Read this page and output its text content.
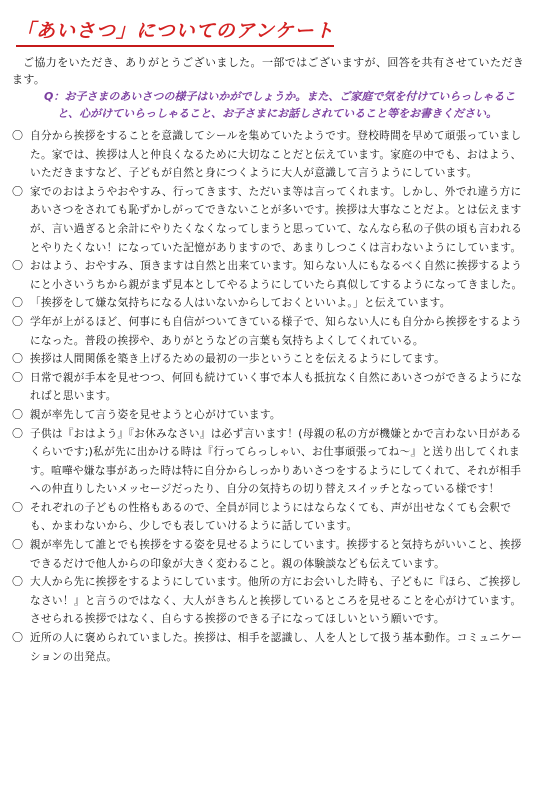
「あいさつ」についてのアンケート

ご協力をいただき、ありがとうございました。一部ではございますが、回答を共有させていただきます。

Q：お子さまのあいさつの様子はいかがでしょうか。また、ご家庭で気を付けていらっしゃること、心がけていらっしゃること、お子さまにお話しされていること等をお書きください。

〇 自分から挨拶をすることを意識してシールを集めていたようです。登校時間を早めて頑張っていました。家では、挨拶は人と仲良くなるために大切なことだと伝えています。家庭の中でも、おはよう、いただきますなど、子どもが自然と身につくように大人が意識して言うようにしています。
〇 家でのおはようやおやすみ、行ってきます、ただいま等は言ってくれます。しかし、外でれ違う方にあいさつをされても恥ずかしがってできないことが多いです。挨拶は大事なことだよ。とは伝えますが、言い過ぎると余計にやりたくなくなってしまうと思っていて、なんなら私の子供の頃も言われるとやりたくない！になっていた記憶がありますので、あまりしつこくは言わないようにしています。
〇 おはよう、おやすみ、頂きますは自然と出来ています。知らない人にもなるべく自然に挨拶するようにと小さいうちから親がまず見本としてやるようにしていたら真似してするようになってきました。
〇 「挨拶をして嫌な気持ちになる人はいないからしておくといいよ。」と伝えています。
〇 学年が上がるほど、何事にも自信がついてきている様子で、知らない人にも自分から挨拶をするようになった。普段の挨拶や、ありがとうなどの言葉も気持ちよくしてくれている。
〇 挨拶は人間関係を築き上げるための最初の一歩ということを伝えるようにしてます。
〇 日常で親が手本を見せつつ、何回も続けていく事で本人も抵抗なく自然にあいさつができるようになればと思います。
〇 親が率先して言う姿を見せようと心がけています。
〇 子供は『おはよう』『お休みなさい』は必ず言います！(母親の私の方が機嫌とかで言わない日があるくらいです;)私が先に出かける時は『行ってらっしゃい、お仕事頑張ってね～』と送り出してくれます。喧嘩や嫌な事があった時は特に自分からしっかりあいさつをするようにしてくれて、それが相手への仲直りしたいメッセージだったり、自分の気持ちの切り替えスイッチとなっている様です！
〇 それぞれの子どもの性格もあるので、全員が同じようにはならなくても、声が出せなくても会釈でも、かまわないから、少しでも表していけるように話しています。
〇 親が率先して誰とでも挨拶をする姿を見せるようにしています。挨拶すると気持ちがいいこと、挨拶できるだけで他人からの印象が大きく変わること。親の体験談なども伝えています。
〇 大人から先に挨拶をするようにしています。他所の方にお会いした時も、子どもに『ほら、ご挨拶しなさい！』と言うのではなく、大人がきちんと挨拶しているところを見せることを心がけています。させられる挨拶ではなく、自らする挨拶のできる子になってほしいという願いです。
〇 近所の人に褒められていました。挨拶は、相手を認識し、人を人として扱う基本動作。コミュニケーションの出発点。
